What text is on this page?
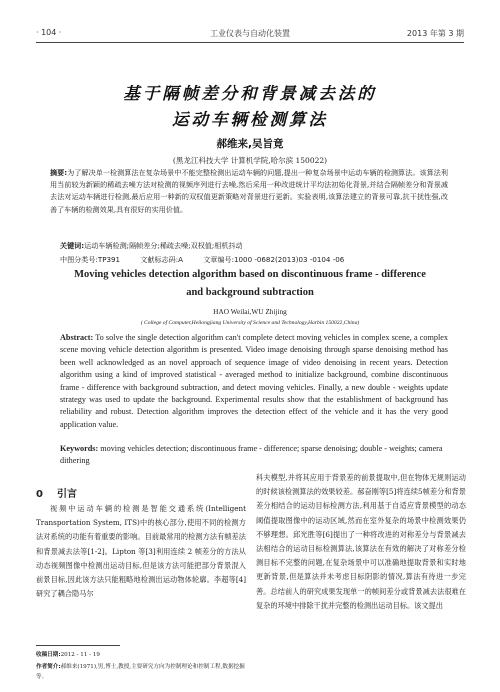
· 104 ·	工业仪表与自动化装置	2013 年第 3 期
基于隔帧差分和背景减去法的
运动车辆检测算法
郝维来,吴旨竟
(黑龙江科技大学 计算机学院,哈尔滨 150022)
摘要:为了解决单一检测算法在复杂场景中不能完整检测出运动车辆的问题,提出一种复杂场景中运动车辆的检测算法。该算法利用当前较为新颖的稀疏去噪方法对检测的视频序列进行去噪,然后采用一种改进统计平均法初始化背景,并结合隔帧差分和背景减去法对运动车辆进行检测,最后应用一种新的双权值更新策略对背景进行更新。实验表明,该算法建立的背景可靠,抗干扰性强,改善了车辆的检测效果,具有很好的实用价值。
关键词:运动车辆检测;隔帧差分;稀疏去噪;双权值;相机抖动
中图分类号:TP391	文献标志码:A	文章编号:1000 -0682(2013)03 -0104 -06
Moving vehicles detection algorithm based on discontinuous frame - difference
and background subtraction
HAO Weilai,WU Zhijing
( College of Computer,Heilongjiang University of Science and Technology,Harbin 150022,China)
Abstract: To solve the single detection algorithm can't complete detect moving vehicles in complex scene, a complex scene moving vehicle detection algorithm is presented. Video image denoising through sparse denoising method has been well acknowledged as an novel approach of sequence image of video denoising in recent years. Detection algorithm using a kind of improved statistical - averaged method to initialize background, combine discontinuous frame - difference with background subtraction, and detect moving vehicles. Finally, a new double - weights update strategy was used to update the background. Experimental results show that the establishment of background has reliability and robust. Detection algorithm improves the detection effect of the vehicle and it has the very good application value.
Keywords: moving vehicles detection; discontinuous frame - difference; sparse denoising; double - weights; camera dithering
0 引言
视频中运动车辆的检测是智能交通系统(Intelligent Transportation System, ITS)中的核心部分,使用不同的检测方法对系统的功能有着重要的影响。目前最常用的检测方法有帧差法和背景减去法等[1-2]。Lipton 等[3]利用连续 2 帧差分的方法从动态视频图像中检测出运动目标,但是该方法可能把部分背景混入前景目标,因此该方法只能粗略地检测出运动物体轮廓。李超等[4]研究了耦合隐马尔
科夫模型,并将其应用于背景差的前景提取中,但在物体无规则运动的时候该检测算法的效果较差。郝奋刚等[5]将连续5帧差分和背景差分相结合的运动目标检测方法,利用基于自适应背景模型的动态阈值提取图像中的运动区域,然而在室外复杂的场景中检测效果仍不够理想。邱光胜等[6]提出了一种将改进的对称差分与背景减去法相结合的运动目标检测算法,该算法在有效的解决了对称差分检测目标不完整的问题,在复杂场景中可以准确地提取背景和实时地更新背景,但是算法并未考虑目标阴影的情况,算法有待进一步完善。总结前人的研究成果发现单一的帧间差分或背景减去法很难在复杂的环境中排除干扰并完整的检测出运动目标。该文提出
收稿日期:2012 - 11 - 19
作者简介:郝维来(1971),男,博士,教授,主要研究方向为控制理论和控制工程,数据挖掘等。
